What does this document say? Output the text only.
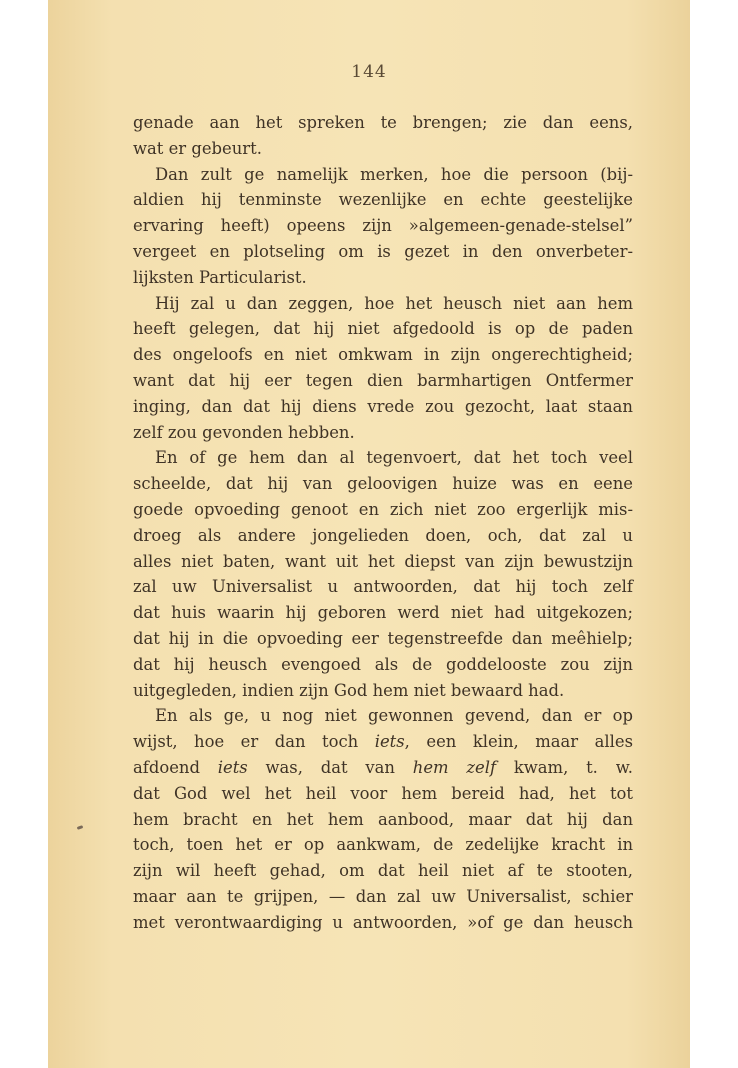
144
genade aan het spreken te brengen; zie dan eens,
wat er gebeurt.
Dan zult ge namelijk merken, hoe die persoon (bij-
aldien hij tenminste wezenlijke en echte geestelijke
ervaring heeft) opeens zijn »algemeen-genade-stelsel”
vergeet en plotseling om is gezet in den onverbeter-
lijksten Particularist.
Hij zal u dan zeggen, hoe het heusch niet aan hem
heeft gelegen, dat hij niet afgedoold is op de paden
des ongeloofs en niet omkwam in zijn ongerechtigheid;
want dat hij eer tegen dien barmhartigen Ontfermer
inging, dan dat hij diens vrede zou gezocht, laat staan
zelf zou gevonden hebben.
En of ge hem dan al tegenvoert, dat het toch veel
scheelde, dat hij van geloovigen huize was en eene
goede opvoeding genoot en zich niet zoo ergerlijk mis-
droeg als andere jongelieden doen, och, dat zal u
alles niet baten, want uit het diepst van zijn bewustzijn
zal uw Universalist u antwoorden, dat hij toch zelf
dat huis waarin hij geboren werd niet had uitgekozen;
dat hij in die opvoeding eer tegenstreefde dan meêhielp;
dat hij heusch evengoed als de goddelooste zou zijn
uitgegleden, indien zijn God hem niet bewaard had.
En als ge, u nog niet gewonnen gevend, dan er op
wijst, hoe er dan toch iets, een klein, maar alles
afdoend iets was, dat van hem zelf kwam, t. w.
dat God wel het heil voor hem bereid had, het tot
hem bracht en het hem aanbood, maar dat hij dan
toch, toen het er op aankwam, de zedelijke kracht in
zijn wil heeft gehad, om dat heil niet af te stooten,
maar aan te grijpen, — dan zal uw Universalist, schier
met verontwaardiging u antwoorden, »of ge dan heusch
